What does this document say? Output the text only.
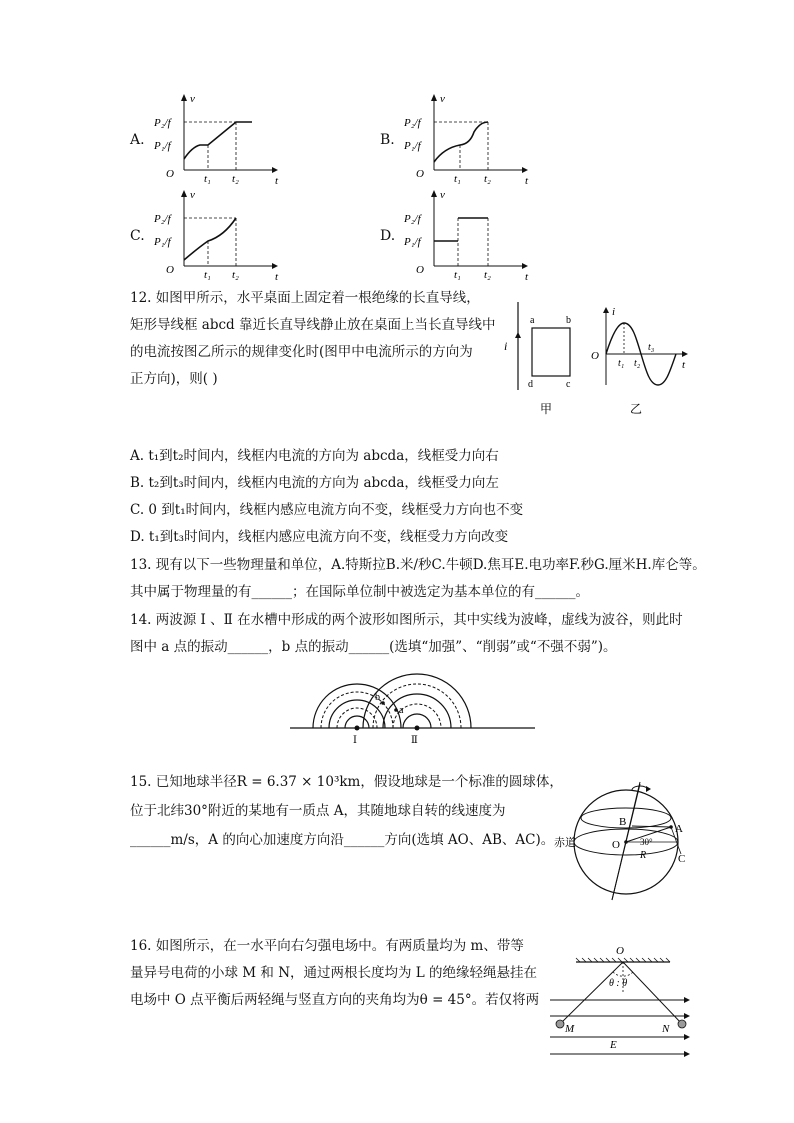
A.
v
t
O
P₂/f
P₁/f
t₁ t₂
B.
v
t
O
P₂/f
P₁/f
t₁ t₂
C.
v
t
O
P₂/f
P₁/f
t₁ t₂
D.
v
t
O
P₂/f
P₁/f
t₁ t₂
12. 如图甲所示，水平桌面上固定着一根绝缘的长直导线，
矩形导线框 abcd 靠近长直导线静止放在桌面上当长直导线中
的电流按图乙所示的规律变化时(图甲中电流所示的方向为
正方向)，则( )
i
a	b
c
d
甲
i
t
O
t₁ t₂
t₃
乙
A. t₁到t₂时间内，线框内电流的方向为 abcda，线框受力向右
B. t₂到t₃时间内，线框内电流的方向为 abcda，线框受力向左
C. 0 到t₁时间内，线框内感应电流方向不变，线框受力方向也不变
D. t₁到t₃时间内，线框内感应电流方向不变，线框受力方向改变
13. 现有以下一些物理量和单位，A.特斯拉B.米/秒C.牛顿D.焦耳E.电功率F.秒G.厘米H.库仑等。
其中属于物理量的有______；在国际单位制中被选定为基本单位的有______。
14. 两波源 Ⅰ 、Ⅱ 在水槽中形成的两个波形如图所示，其中实线为波峰，虚线为波谷，则此时
图中 a 点的振动______，b 点的振动______(选填“加强”、“削弱”或“不强不弱”)。
a
b
Ⅰ	Ⅱ
15. 已知地球半径R = 6.37 × 10³km，假设地球是一个标准的圆球体，
位于北纬30°附近的某地有一质点 A，其随地球自转的线速度为
______m/s，A 的向心加速度方向沿______方向(选填 AO、AB、AC)。
B
A
O
R	C
30°
赤道
16. 如图所示，在一水平向右匀强电场中。有两质量均为 m、带等
量异号电荷的小球 M 和 N，通过两根长度均为 L 的绝缘轻绳悬挂在
电场中 O 点平衡后两轻绳与竖直方向的夹角均为θ = 45°。若仅将两
O
θ : θ
M	N
E
